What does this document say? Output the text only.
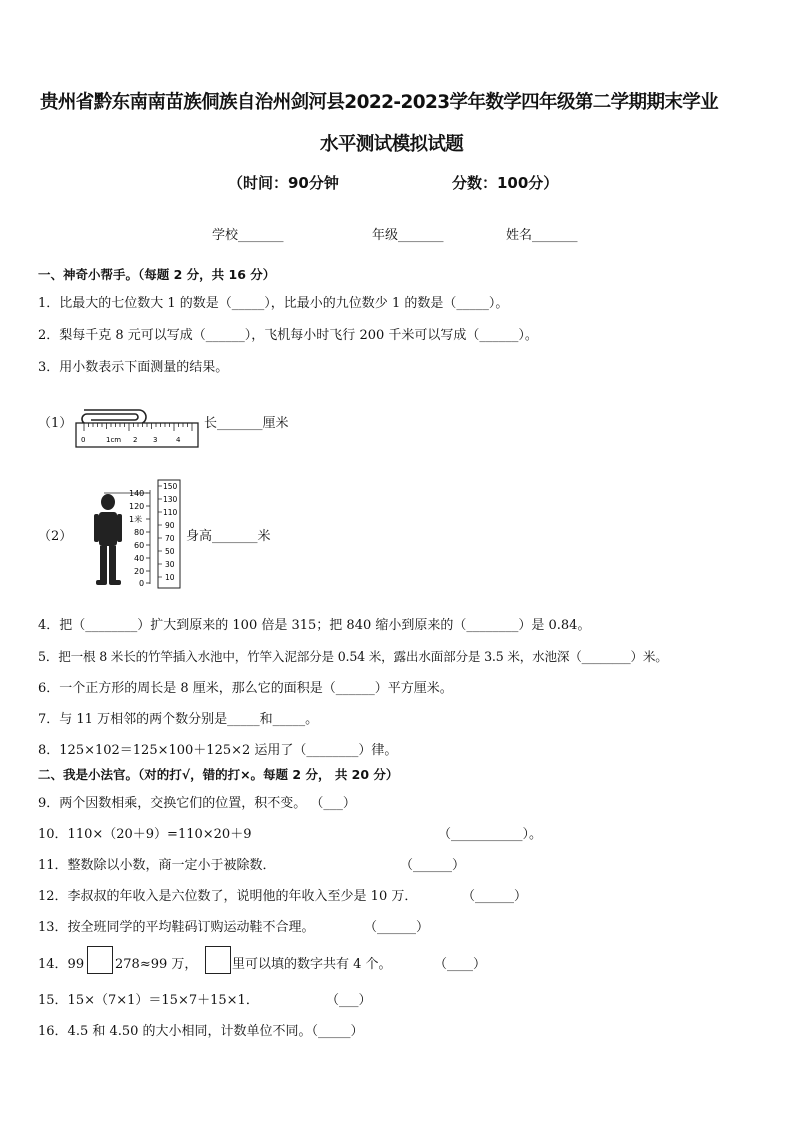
贵州省黔东南南苗族侗族自治州剑河县2022-2023学年数学四年级第二学期期末学业
水平测试模拟试题
（时间：90分钟	分数：100分）
学校_______	年级_______	姓名_______
一、神奇小帮手。（每题 2 分，共 16 分）
1．比最大的七位数大 1 的数是（_____），比最小的九位数少 1 的数是（_____）。
2．梨每千克 8 元可以写成（______），飞机每小时飞行 200 千米可以写成（______）。
3．用小数表示下面测量的结果。
（1）
0	1cm 2 3	4
长_______厘米
（2）
140
120
1米
80
60
40
20
0
150
130
110
90
70
50
30
10
身高_______米
4．把（________）扩大到原来的 100 倍是 315；把 840 缩小到原来的（________）是 0.84。
5．把一根 8 米长的竹竿插入水池中，竹竿入泥部分是 0.54 米，露出水面部分是 3.5 米，水池深（________）米。
6．一个正方形的周长是 8 厘米，那么它的面积是（______）平方厘米。
7．与 11 万相邻的两个数分别是_____和_____。
8．125×102＝125×100＋125×2 运用了（________）律。
二、我是小法官。（对的打√，错的打×。每题 2 分， 共 20 分）
9．两个因数相乘，交换它们的位置，积不变。 （___）
10．110×（20＋9）=110×20＋9	（___________）。
11．整数除以小数，商一定小于被除数．	（______）
12．李叔叔的年收入是六位数了，说明他的年收入至少是 10 万．	（______）
13．按全班同学的平均鞋码订购运动鞋不合理。	（______）
14．99 278≈99 万，	里可以填的数字共有 4 个。	（____）
15．15×（7×1）＝15×7＋15×1．	（___）
16．4.5 和 4.50 的大小相同，计数单位不同。（_____）
